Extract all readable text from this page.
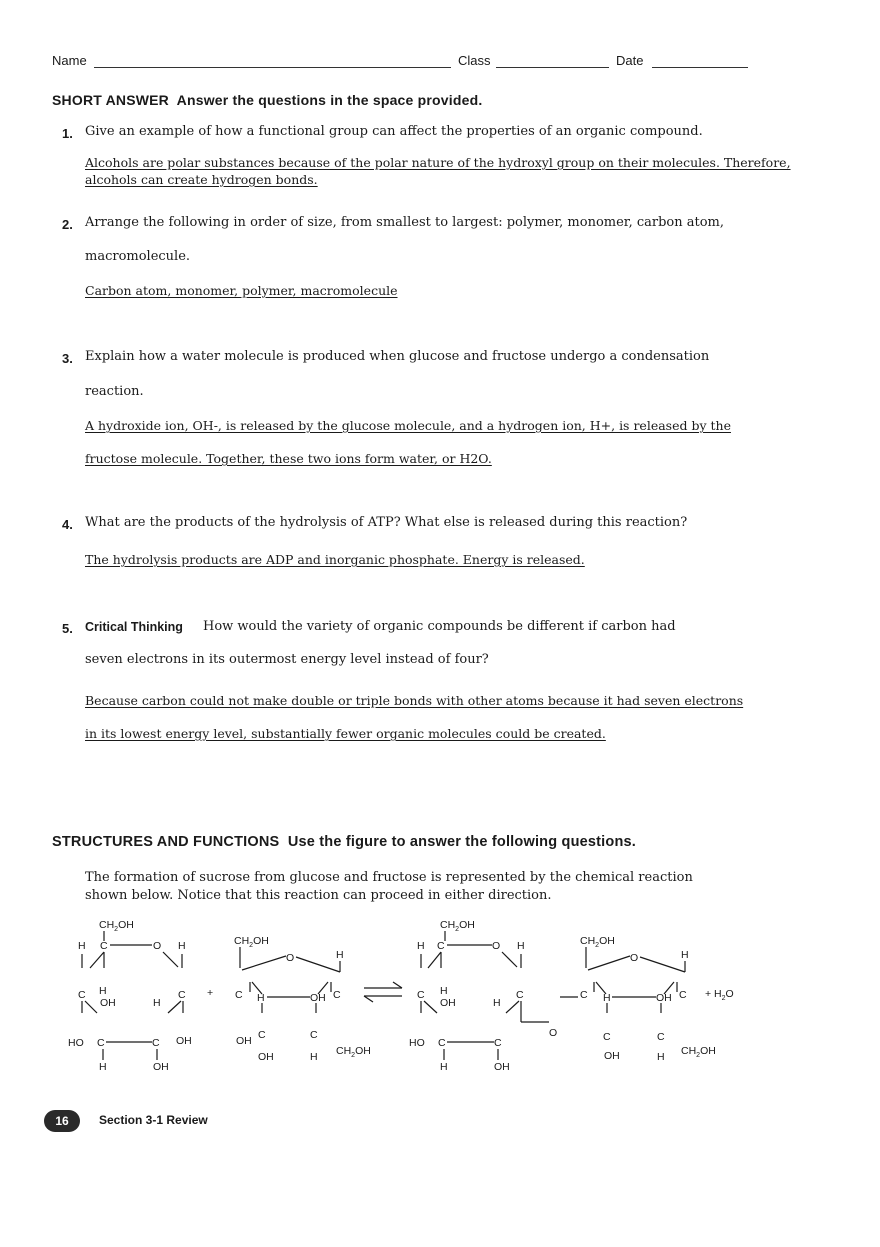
Name	Class	Date
SHORT ANSWER  Answer the questions in the space provided.
1. Give an example of how a functional group can affect the properties of an organic compound.
Alcohols are polar substances because of the polar nature of the hydroxyl group on their molecules. Therefore,
alcohols can create hydrogen bonds.
2. Arrange the following in order of size, from smallest to largest: polymer, monomer, carbon atom,
macromolecule.
Carbon atom, monomer, polymer, macromolecule
3. Explain how a water molecule is produced when glucose and fructose undergo a condensation
reaction.
A hydroxide ion, OH-, is released by the glucose molecule, and a hydrogen ion, H+, is released by the
fructose molecule. Together, these two ions form water, or H2O.
4. What are the products of the hydrolysis of ATP? What else is released during this reaction?
The hydrolysis products are ADP and inorganic phosphate. Energy is released.
5. Critical Thinking How would the variety of organic compounds be different if carbon had
seven electrons in its outermost energy level instead of four?
Because carbon could not make double or triple bonds with other atoms because it had seven electrons
in its lowest energy level, substantially fewer organic molecules could be created.
STRUCTURES AND FUNCTIONS  Use the figure to answer the following questions.
The formation of sucrose from glucose and fructose is represented by the chemical reaction
shown below. Notice that this reaction can proceed in either direction.
$CH_2OH$
H C	O H
C H
OH	H
C
HO C	C OH
H	OH
+
$CH_2OH$
O	H
C H	OH C
OH C	C
$CH_2OH$
OH	H
$CH_2OH$
H C	O H
C H
OH	H
C
HO C	C
H	OH
O
$CH_2OH$
O	H
C H	OH C
C	C
$CH_2OH$
OH	H
+ $H_2O$
16	Section 3-1 Review
